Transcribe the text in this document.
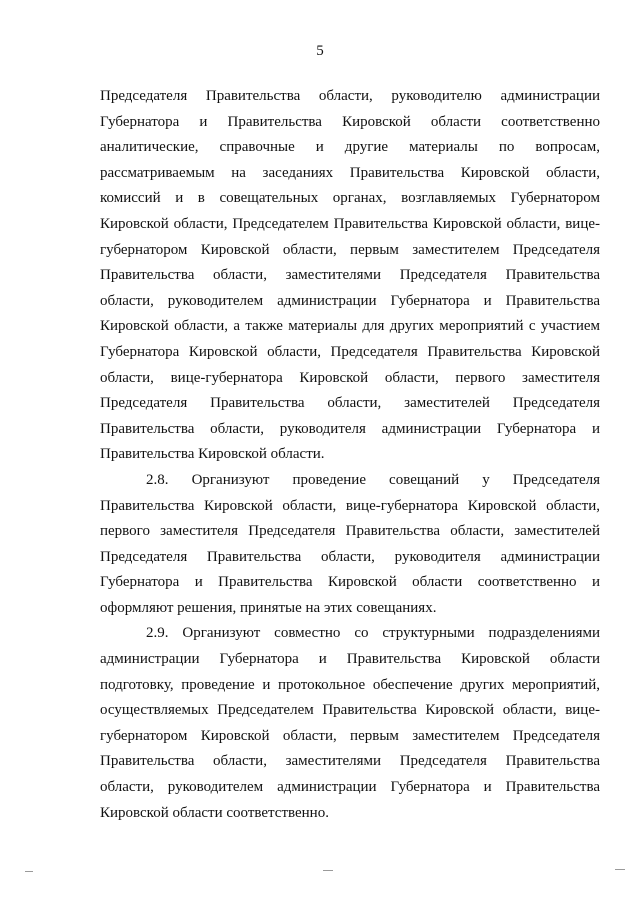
5
Председателя Правительства области, руководителю администрации
Губернатора и Правительства Кировской области соответственно
аналитические, справочные и другие материалы по вопросам,
рассматриваемым на заседаниях Правительства Кировской области,
комиссий и в совещательных органах, возглавляемых Губернатором
Кировской области, Председателем Правительства Кировской области, вице-
губернатором Кировской области, первым заместителем Председателя
Правительства области, заместителями Председателя Правительства
области, руководителем администрации Губернатора и Правительства
Кировской области, а также материалы для других мероприятий с участием
Губернатора Кировской области, Председателя Правительства Кировской
области, вице-губернатора Кировской области, первого заместителя
Председателя Правительства области, заместителей Председателя
Правительства области, руководителя администрации Губернатора и
Правительства Кировской области.
2.8. Организуют проведение совещаний у Председателя
Правительства Кировской области, вице-губернатора Кировской области,
первого заместителя Председателя Правительства области, заместителей
Председателя Правительства области, руководителя администрации
Губернатора и Правительства Кировской области соответственно и
оформляют решения, принятые на этих совещаниях.
2.9. Организуют совместно со структурными подразделениями
администрации Губернатора и Правительства Кировской области
подготовку, проведение и протокольное обеспечение других мероприятий,
осуществляемых Председателем Правительства Кировской области, вице-
губернатором Кировской области, первым заместителем Председателя
Правительства области, заместителями Председателя Правительства
области, руководителем администрации Губернатора и Правительства
Кировской области соответственно.
